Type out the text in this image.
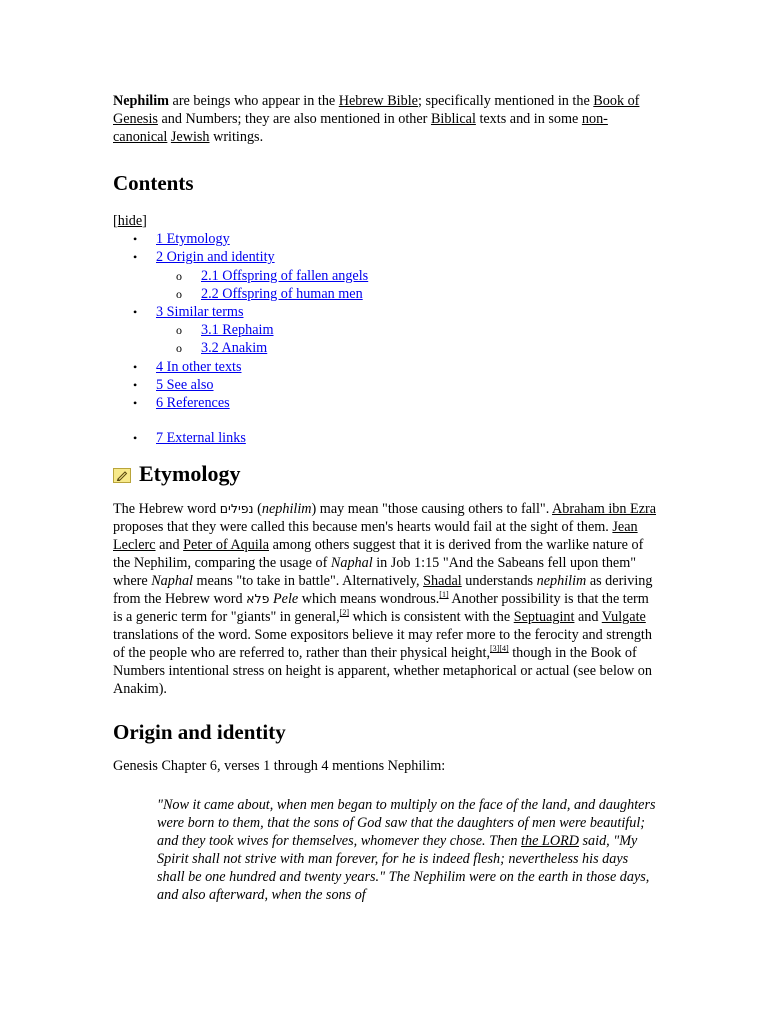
Nephilim are beings who appear in the Hebrew Bible; specifically mentioned in the Book of Genesis and Numbers; they are also mentioned in other Biblical texts and in some non-canonical Jewish writings.

Contents
[hide]
• 1 Etymology
• 2 Origin and identity
o 2.1 Offspring of fallen angels
o 2.2 Offspring of human men
• 3 Similar terms
o 3.1 Rephaim
o 3.2 Anakim
• 4 In other texts
• 5 See also
• 6 References
• 7 External links
Etymology

The Hebrew word נפילים (nephilim) may mean "those causing others to fall". Abraham ibn Ezra proposes that they were called this because men's hearts would fail at the sight of them. Jean Leclerc and Peter of Aquila among others suggest that it is derived from the warlike nature of the Nephilim, comparing the usage of Naphal in Job 1:15 "And the Sabeans fell upon them" where Naphal means "to take in battle". Alternatively, Shadal understands nephilim as deriving from the Hebrew word פלא Pele which means wondrous.[1] Another possibility is that the term is a generic term for "giants" in general,[2] which is consistent with the Septuagint and Vulgate translations of the word. Some expositors believe it may refer more to the ferocity and strength of the people who are referred to, rather than their physical height,[3][4] though in the Book of Numbers intentional stress on height is apparent, whether metaphorical or actual (see below on Anakim).

Origin and identity

Genesis Chapter 6, verses 1 through 4 mentions Nephilim:

"Now it came about, when men began to multiply on the face of the land, and daughters were born to them, that the sons of God saw that the daughters of men were beautiful; and they took wives for themselves, whomever they chose. Then the LORD said, "My Spirit shall not strive with man forever, for he is indeed flesh; nevertheless his days shall be one hundred and twenty years." The Nephilim were on the earth in those days, and also afterward, when the sons of
